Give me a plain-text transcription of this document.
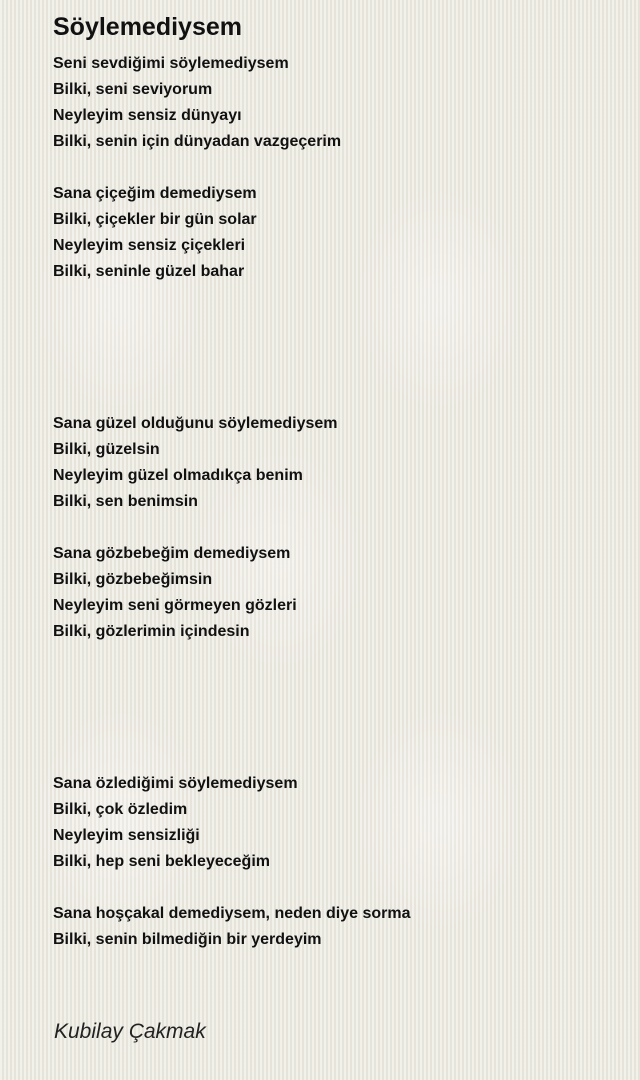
Söylemediysem
Seni sevdiğimi söylemediysem
Bilki, seni seviyorum
Neyleyim sensiz dünyayı
Bilki, senin için dünyadan vazgeçerim
Sana çiçeğim demediysem
Bilki, çiçekler bir gün solar
Neyleyim sensiz çiçekleri
Bilki, seninle güzel bahar
Sana güzel olduğunu söylemediysem
Bilki, güzelsin
Neyleyim güzel olmadıkça benim
Bilki, sen benimsin
Sana gözbebeğim demediysem
Bilki, gözbebeğimsin
Neyleyim seni görmeyen gözleri
Bilki, gözlerimin içindesin
Sana özlediğimi söylemediysem
Bilki, çok özledim
Neyleyim sensizliği
Bilki, hep seni bekleyeceğim
Sana hoşçakal demediysem, neden diye sorma
Bilki, senin bilmediğin bir yerdeyim

Kubilay Çakmak
